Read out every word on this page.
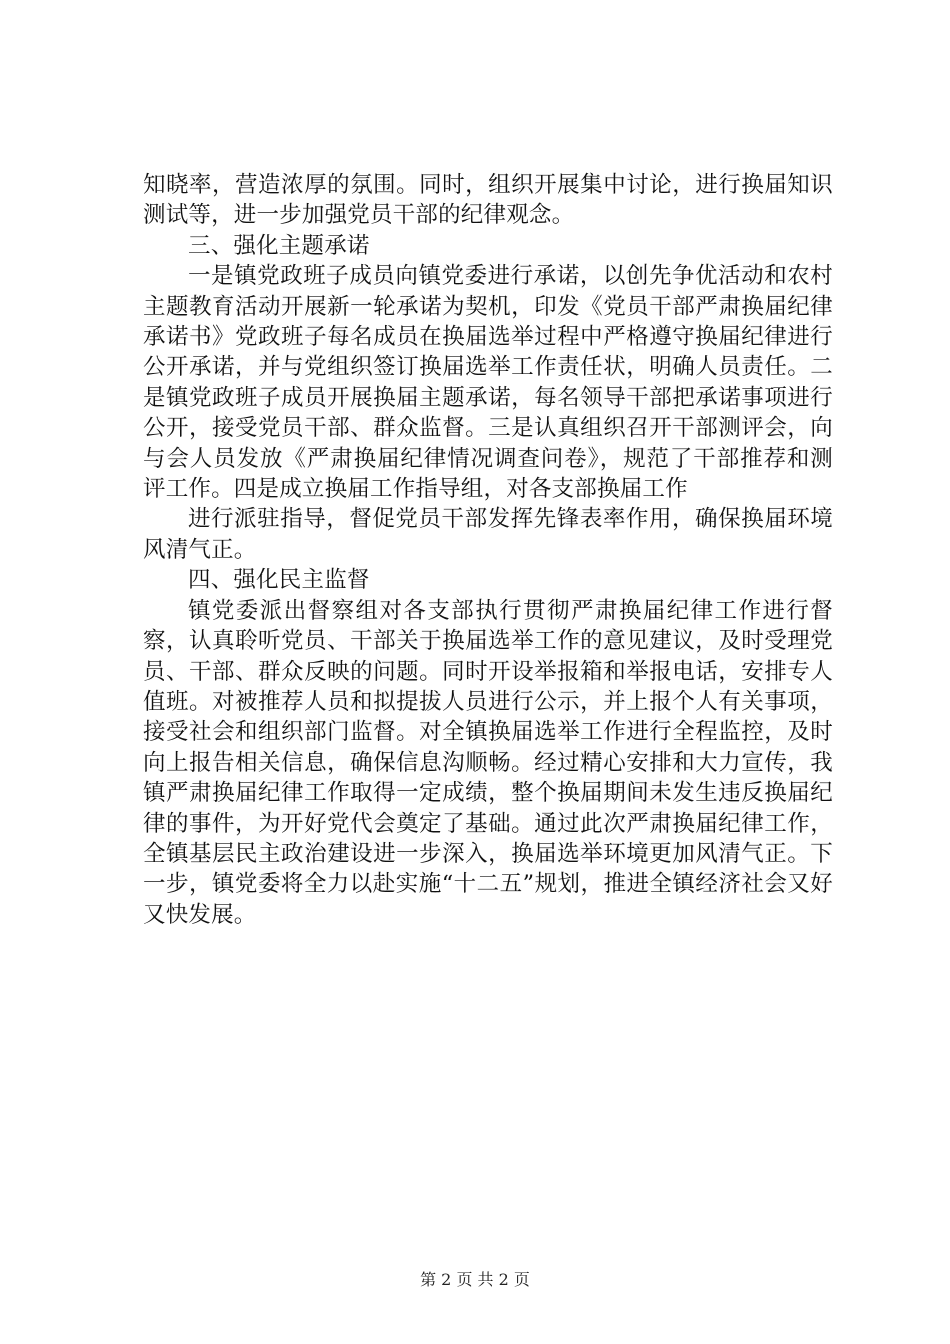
知晓率，营造浓厚的氛围。同时，组织开展集中讨论，进行换届知识测试等，进一步加强党员干部的纪律观念。

三、强化主题承诺

一是镇党政班子成员向镇党委进行承诺，以创先争优活动和农村主题教育活动开展新一轮承诺为契机，印发《党员干部严肃换届纪律承诺书》党政班子每名成员在换届选举过程中严格遵守换届纪律进行公开承诺，并与党组织签订换届选举工作责任状，明确人员责任。二是镇党政班子成员开展换届主题承诺，每名领导干部把承诺事项进行公开，接受党员干部、群众监督。三是认真组织召开干部测评会，向与会人员发放《严肃换届纪律情况调查问卷》，规范了干部推荐和测评工作。四是成立换届工作指导组，对各支部换届工作

进行派驻指导，督促党员干部发挥先锋表率作用，确保换届环境风清气正。

四、强化民主监督

镇党委派出督察组对各支部执行贯彻严肃换届纪律工作进行督察，认真聆听党员、干部关于换届选举工作的意见建议，及时受理党员、干部、群众反映的问题。同时开设举报箱和举报电话，安排专人值班。对被推荐人员和拟提拔人员进行公示，并上报个人有关事项，接受社会和组织部门监督。对全镇换届选举工作进行全程监控，及时向上报告相关信息，确保信息沟顺畅。经过精心安排和大力宣传，我镇严肃换届纪律工作取得一定成绩，整个换届期间未发生违反换届纪律的事件，为开好党代会奠定了基础。通过此次严肃换届纪律工作，全镇基层民主政治建设进一步深入，换届选举环境更加风清气正。下一步，镇党委将全力以赴实施“十二五”规划，推进全镇经济社会又好又快发展。

第 2 页 共 2 页
